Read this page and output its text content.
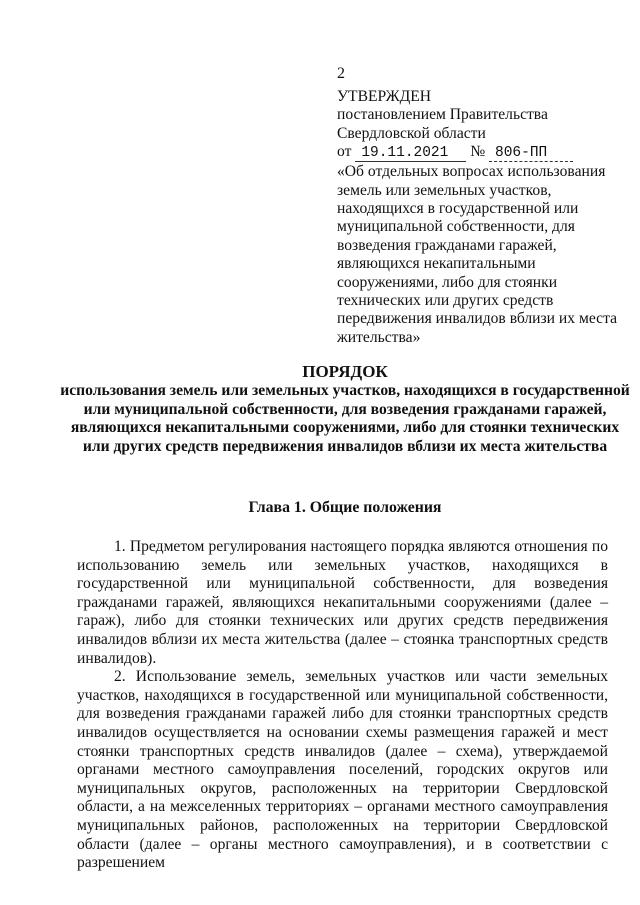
2
УТВЕРЖДЕН
постановлением Правительства
Свердловской области
от 19.11.2021 № 806-ПП
«Об отдельных вопросах использования земель или земельных участков, находящихся в государственной или муниципальной собственности, для возведения гражданами гаражей, являющихся некапитальными сооружениями, либо для стоянки технических или других средств передвижения инвалидов вблизи их места жительства»
ПОРЯДОК
использования земель или земельных участков, находящихся в государственной или муниципальной собственности, для возведения гражданами гаражей, являющихся некапитальными сооружениями, либо для стоянки технических или других средств передвижения инвалидов вблизи их места жительства
Глава 1. Общие положения

1. Предметом регулирования настоящего порядка являются отношения по использованию земель или земельных участков, находящихся в государственной или муниципальной собственности, для возведения гражданами гаражей, являющихся некапитальными сооружениями (далее – гараж), либо для стоянки технических или других средств передвижения инвалидов вблизи их места жительства (далее – стоянка транспортных средств инвалидов).

2. Использование земель, земельных участков или части земельных участков, находящихся в государственной или муниципальной собственности, для возведения гражданами гаражей либо для стоянки транспортных средств инвалидов осуществляется на основании схемы размещения гаражей и мест стоянки транспортных средств инвалидов (далее – схема), утверждаемой органами местного самоуправления поселений, городских округов или муниципальных округов, расположенных на территории Свердловской области, а на межселенных территориях – органами местного самоуправления муниципальных районов, расположенных на территории Свердловской области (далее – органы местного самоуправления), и в соответствии с разрешением
